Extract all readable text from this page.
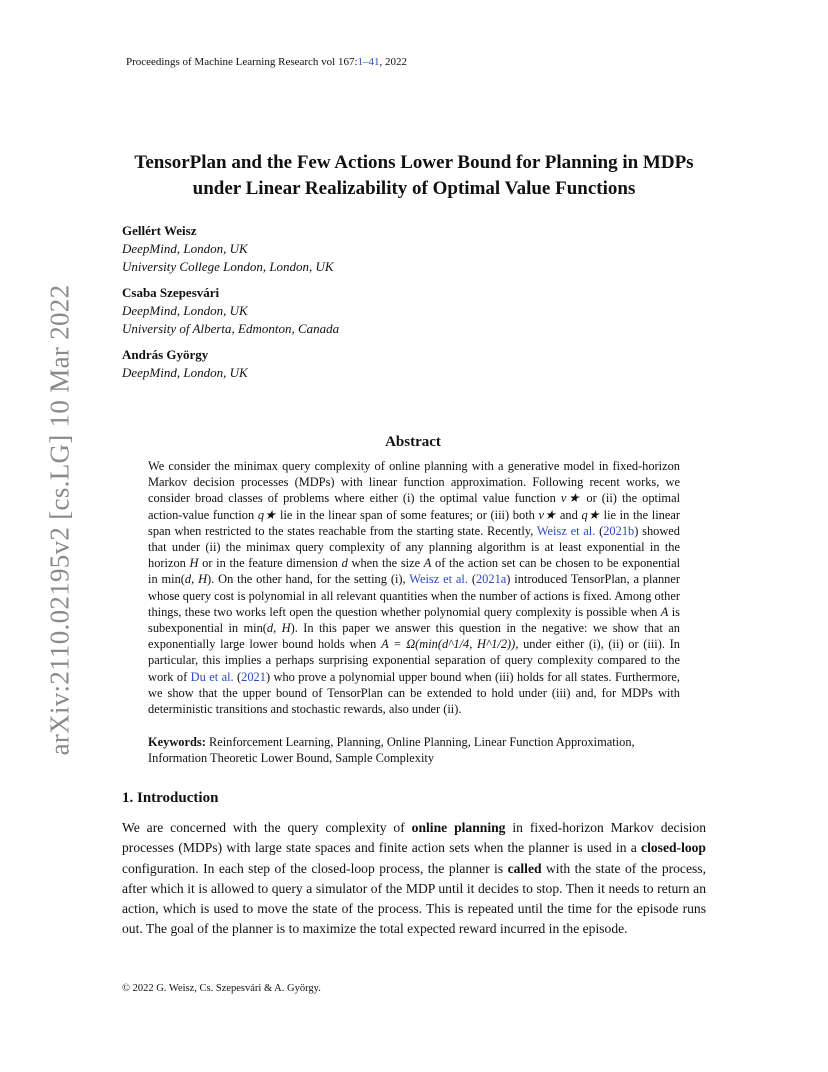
Proceedings of Machine Learning Research vol 167:1–41, 2022
TensorPlan and the Few Actions Lower Bound for Planning in MDPs
under Linear Realizability of Optimal Value Functions
Gellért Weisz
DeepMind, London, UK
University College London, London, UK
Csaba Szepesvári
DeepMind, London, UK
University of Alberta, Edmonton, Canada
András György
DeepMind, London, UK
arXiv:2110.02195v2 [cs.LG] 10 Mar 2022	Abstract
We consider the minimax query complexity of online planning with a generative model in fixed-horizon Markov decision processes (MDPs) with linear function approximation. Following recent works, we consider broad classes of problems where either (i) the optimal value function v★ or (ii) the optimal action-value function q★ lie in the linear span of some features; or (iii) both v★ and q★ lie in the linear span when restricted to the states reachable from the starting state. Recently, Weisz et al. (2021b) showed that under (ii) the minimax query complexity of any planning algorithm is at least exponential in the horizon H or in the feature dimension d when the size A of the action set can be chosen to be exponential in min(d, H). On the other hand, for the setting (i), Weisz et al. (2021a) introduced TensorPlan, a planner whose query cost is polynomial in all relevant quantities when the number of actions is fixed. Among other things, these two works left open the question whether polynomial query complexity is possible when A is subexponential in min(d, H). In this paper we answer this question in the negative: we show that an exponentially large lower bound holds when A = Ω(min(d^1/4, H^1/2)), under either (i), (ii) or (iii). In particular, this implies a perhaps surprising exponential separation of query complexity compared to the work of Du et al. (2021) who prove a polynomial upper bound when (iii) holds for all states. Furthermore, we show that the upper bound of TensorPlan can be extended to hold under (iii) and, for MDPs with deterministic transitions and stochastic rewards, also under (ii).
Keywords: Reinforcement Learning, Planning, Online Planning, Linear Function Approximation, Information Theoretic Lower Bound, Sample Complexity
1. Introduction
We are concerned with the query complexity of online planning in fixed-horizon Markov decision processes (MDPs) with large state spaces and finite action sets when the planner is used in a closed-loop configuration. In each step of the closed-loop process, the planner is called with the state of the process, after which it is allowed to query a simulator of the MDP until it decides to stop. Then it needs to return an action, which is used to move the state of the process. This is repeated until the time for the episode runs out. The goal of the planner is to maximize the total expected reward incurred in the episode.
© 2022 G. Weisz, Cs. Szepesvári & A. György.
